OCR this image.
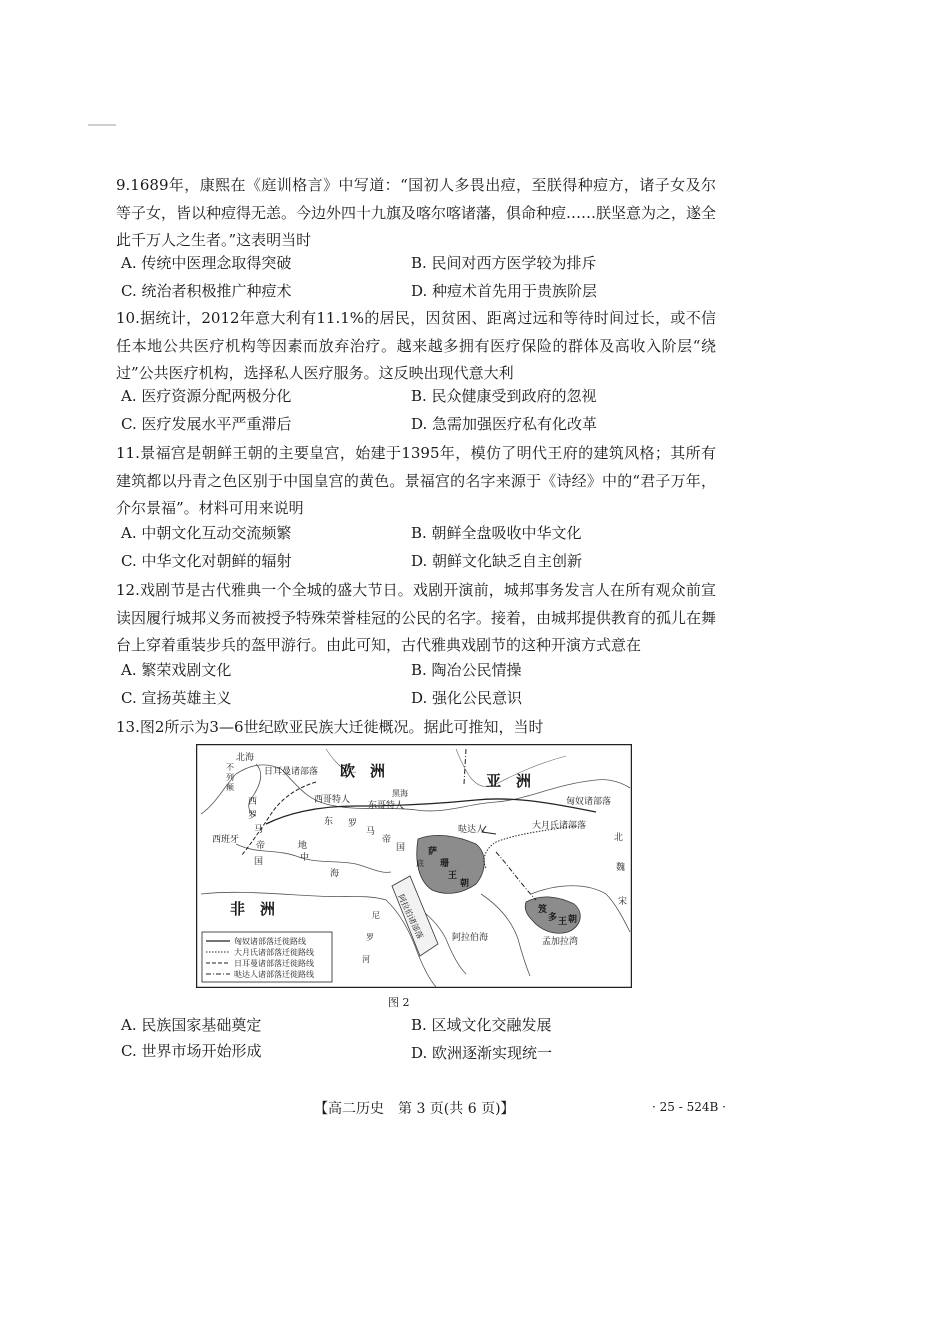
9.1689年，康熙在《庭训格言》中写道：“国初人多畏出痘，至朕得种痘方，诸子女及尔等子女，皆以种痘得无恙。今边外四十九旗及喀尔喀诸藩，俱命种痘……朕坚意为之，遂全此千万人之生者。”这表明当时
A. 传统中医理念取得突破	B. 民间对西方医学较为排斥
C. 统治者积极推广种痘术	D. 种痘术首先用于贵族阶层
10.据统计，2012年意大利有11.1%的居民，因贫困、距离过远和等待时间过长，或不信任本地公共医疗机构等因素而放弃治疗。越来越多拥有医疗保险的群体及高收入阶层“绕过”公共医疗机构，选择私人医疗服务。这反映出现代意大利
A. 医疗资源分配两极分化	B. 民众健康受到政府的忽视
C. 医疗发展水平严重滞后	D. 急需加强医疗私有化改革
11.景福宫是朝鲜王朝的主要皇宫，始建于1395年，模仿了明代王府的建筑风格；其所有建筑都以丹青之色区别于中国皇宫的黄色。景福宫的名字来源于《诗经》中的“君子万年，介尔景福”。材料可用来说明
A. 中朝文化互动交流频繁	B. 朝鲜全盘吸收中华文化
C. 中华文化对朝鲜的辐射	D. 朝鲜文化缺乏自主创新
12.戏剧节是古代雅典一个全城的盛大节日。戏剧开演前，城邦事务发言人在所有观众前宣读因履行城邦义务而被授予特殊荣誉桂冠的公民的名字。接着，由城邦提供教育的孤儿在舞台上穿着重装步兵的盔甲游行。由此可知，古代雅典戏剧节的这种开演方式意在
A. 繁荣戏剧文化	B. 陶冶公民情操
C. 宣扬英雄主义	D. 强化公民意识
13.图2所示为3—6世纪欧亚民族大迁徙概况。据此可推知，当时
欧　洲
亚　洲
非　洲
北海
日耳曼诸部落
西哥特人
东哥特人	匈奴诸部落
大月氏诸部落
哒达人
西
罗
马
帝
国
不
列
颠
西班牙
东 罗
马
帝
国	萨
珊
王
朝
笈
多 王 朝
阿拉伯诸部落	阿拉伯海	孟加拉湾
北
魏
宋
地
中
海
尼
罗
河
黑海
底
匈奴诸部落迁徙路线
大月氏诸部落迁徙路线
日耳曼诸部落迁徙路线
哒达人诸部落迁徙路线
图 2
A. 民族国家基础奠定	B. 区域文化交融发展
C. 世界市场开始形成	D. 欧洲逐渐实现统一
【高二历史　第 3 页(共 6 页)】	· 25 - 524B ·
